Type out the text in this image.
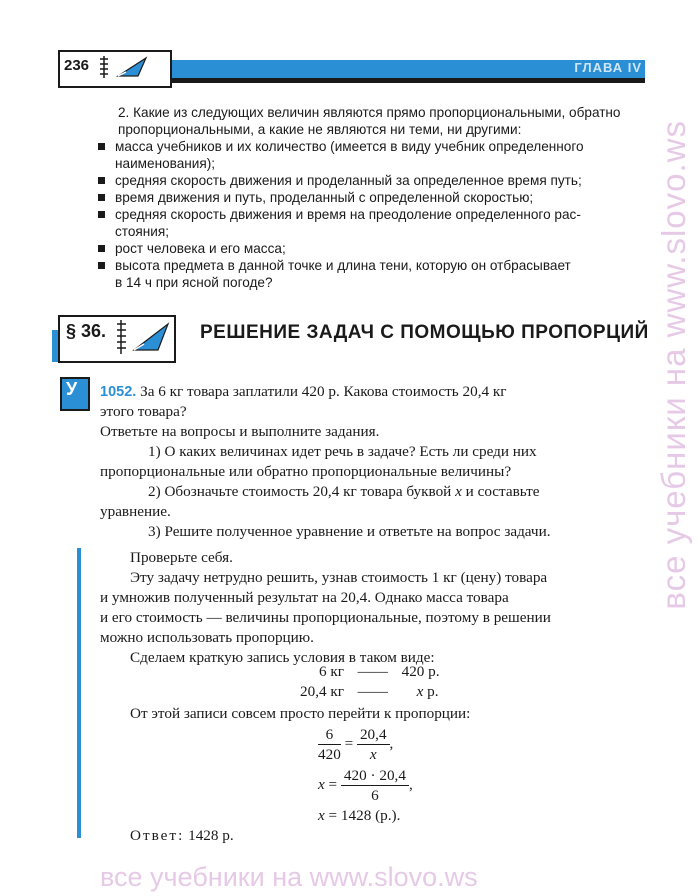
236	ГЛАВА IV
2. Какие из следующих величин являются прямо пропорциональными, обратно
пропорциональными, а какие не являются ни теми, ни другими:
масса учебников и их количество (имеется в виду учебник определенного
наименования);
средняя скорость движения и проделанный за определенное время путь;
время движения и путь, проделанный с определенной скоростью;
средняя скорость движения и время на преодоление определенного рас-
стояния;
рост человека и его масса;
высота предмета в данной точке и длина тени, которую он отбрасывает
в 14 ч при ясной погоде?
§ 36.	РЕШЕНИЕ ЗАДАЧ С ПОМОЩЬЮ ПРОПОРЦИЙ
У 1052. За 6 кг товара заплатили 420 р. Какова стоимость 20,4 кг
этого товара?
Ответьте на вопросы и выполните задания.
1) О каких величинах идет речь в задаче? Есть ли среди них
пропорциональные или обратно пропорциональные величины?
2) Обозначьте стоимость 20,4 кг товара буквой x и составьте
уравнение.
3) Решите полученное уравнение и ответьте на вопрос задачи.
Проверьте себя.
Эту задачу нетрудно решить, узнав стоимость 1 кг (цену) товара
и умножив полученный результат на 20,4. Однако масса товара
и его стоимость — величины пропорциональные, поэтому в решении
можно использовать пропорцию.
Сделаем краткую запись условия в таком виде:
6 кг —— 420 р.
20,4 кг —— x р.
От этой записи совсем просто перейти к пропорции:
$\frac{6}{420} = \frac{20,4}{x}$ ,
$x = \frac{420 \cdot 20,4}{6}$ ,
x = 1428 (р.).
Ответ: 1428 р.
все учебники на www.slovo.ws
все учебники на www.slovo.ws
